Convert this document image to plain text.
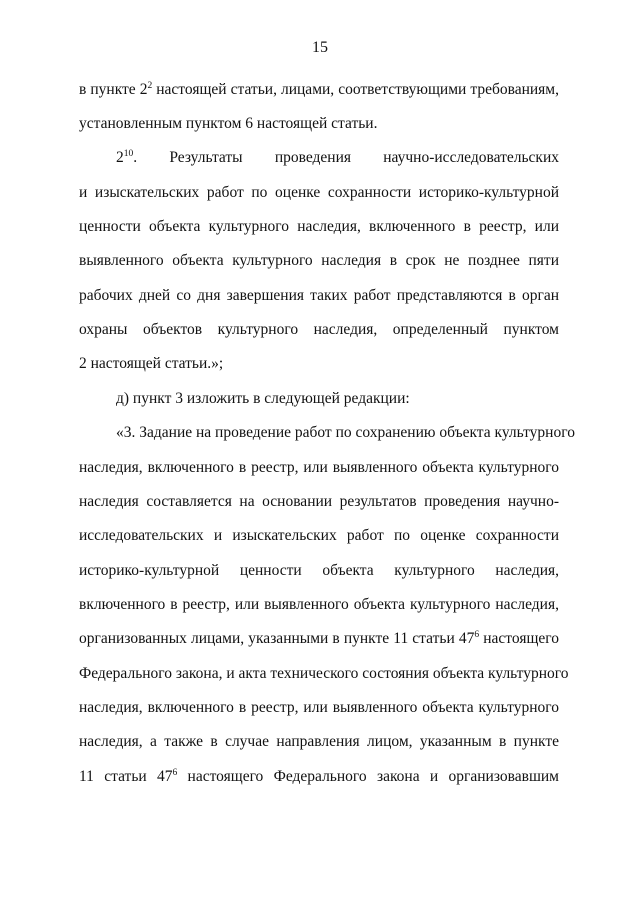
15
в пункте $2^2$ настоящей статьи, лицами, соответствующими требованиям,
установленным пунктом 6 настоящей статьи.
$2^{10}$. Результаты проведения научно-исследовательских
и изыскательских работ по оценке сохранности историко-культурной
ценности объекта культурного наследия, включенного в реестр, или
выявленного объекта культурного наследия в срок не позднее пяти
рабочих дней со дня завершения таких работ представляются в орган
охраны объектов культурного наследия, определенный пунктом
2 настоящей статьи.»;
д) пункт 3 изложить в следующей редакции:
«3. Задание на проведение работ по сохранению объекта культурного
наследия, включенного в реестр, или выявленного объекта культурного
наследия составляется на основании результатов проведения научно-
исследовательских и изыскательских работ по оценке сохранности
историко-культурной ценности объекта культурного наследия,
включенного в реестр, или выявленного объекта культурного наследия,
организованных лицами, указанными в пункте 11 статьи $47^6$ настоящего
Федерального закона, и акта технического состояния объекта культурного
наследия, включенного в реестр, или выявленного объекта культурного
наследия, а также в случае направления лицом, указанным в пункте
11 статьи $47^6$ настоящего Федерального закона и организовавшим
